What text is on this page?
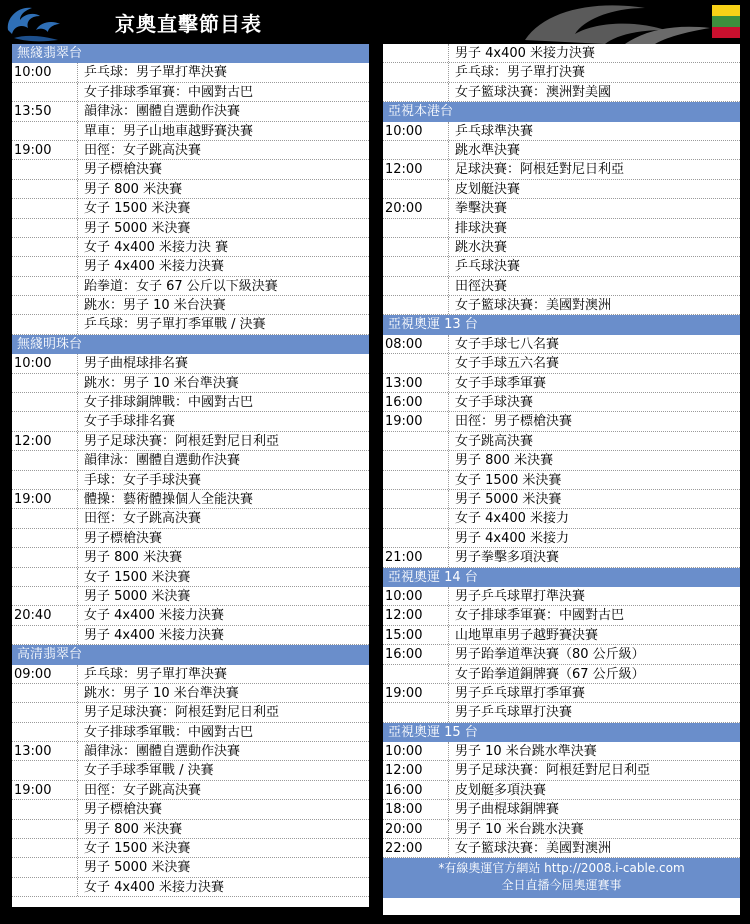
京奧直擊節目表
無綫翡翠台
10:00	乒乓球：男子單打準決賽
女子排球季軍賽：中國對古巴
13:50	韻律泳：團體自選動作決賽
單車：男子山地車越野賽決賽
19:00	田徑：女子跳高決賽
男子標槍決賽
男子 800 米決賽
女子 1500 米決賽
男子 5000 米決賽
女子 4x400 米接力決 賽
男子 4x400 米接力決賽
跆拳道：女子 67 公斤以下級決賽
跳水：男子 10 米台決賽
乒乓球：男子單打季軍戰 / 決賽
無綫明珠台
10:00	男子曲棍球排名賽
跳水：男子 10 米台準決賽
女子排球銅牌戰：中國對古巴
女子手球排名賽
12:00	男子足球決賽：阿根廷對尼日利亞
韻律泳：團體自選動作決賽
手球：女子手球決賽
19:00	體操：藝術體操個人全能決賽
田徑：女子跳高決賽
男子標槍決賽
男子 800 米決賽
女子 1500 米決賽
男子 5000 米決賽
20:40	女子 4x400 米接力決賽
男子 4x400 米接力決賽
高清翡翠台
09:00	乒乓球：男子單打準決賽
跳水：男子 10 米台準決賽
男子足球決賽：阿根廷對尼日利亞
女子排球季軍戰：中國對古巴
13:00	韻律泳：團體自選動作決賽
女子手球季軍戰 / 決賽
19:00	田徑：女子跳高決賽
男子標槍決賽
男子 800 米決賽
女子 1500 米決賽
男子 5000 米決賽
女子 4x400 米接力決賽
男子 4x400 米接力決賽
乒乓球：男子單打決賽
女子籃球決賽：澳洲對美國
亞視本港台
10:00	乒乓球準決賽
跳水準決賽
12:00	足球決賽：阿根廷對尼日利亞
皮划艇決賽
20:00	拳擊決賽
排球決賽
跳水決賽
乒乓球決賽
田徑決賽
女子籃球決賽：美國對澳洲
亞視奧運 13 台
08:00	女子手球七八名賽
女子手球五六名賽
13:00	女子手球季軍賽
16:00	女子手球決賽
19:00	田徑：男子標槍決賽
女子跳高決賽
男子 800 米決賽
女子 1500 米決賽
男子 5000 米決賽
女子 4x400 米接力
男子 4x400 米接力
21:00	男子拳擊多項決賽
亞視奧運 14 台
10:00	男子乒乓球單打準決賽
12:00	女子排球季軍賽：中國對古巴
15:00	山地單車男子越野賽決賽
16:00	男子跆拳道準決賽（80 公斤級）
女子跆拳道銅牌賽（67 公斤級）
19:00	男子乒乓球單打季軍賽
男子乒乓球單打決賽
亞視奧運 15 台
10:00	男子 10 米台跳水準決賽
12:00	男子足球決賽：阿根廷對尼日利亞
16:00	皮划艇多項決賽
18:00	男子曲棍球銅牌賽
20:00	男子 10 米台跳水決賽
22:00	女子籃球決賽：美國對澳洲
*有線奧運官方網站 http://2008.i-cable.com
全日直播今屆奧運賽事
